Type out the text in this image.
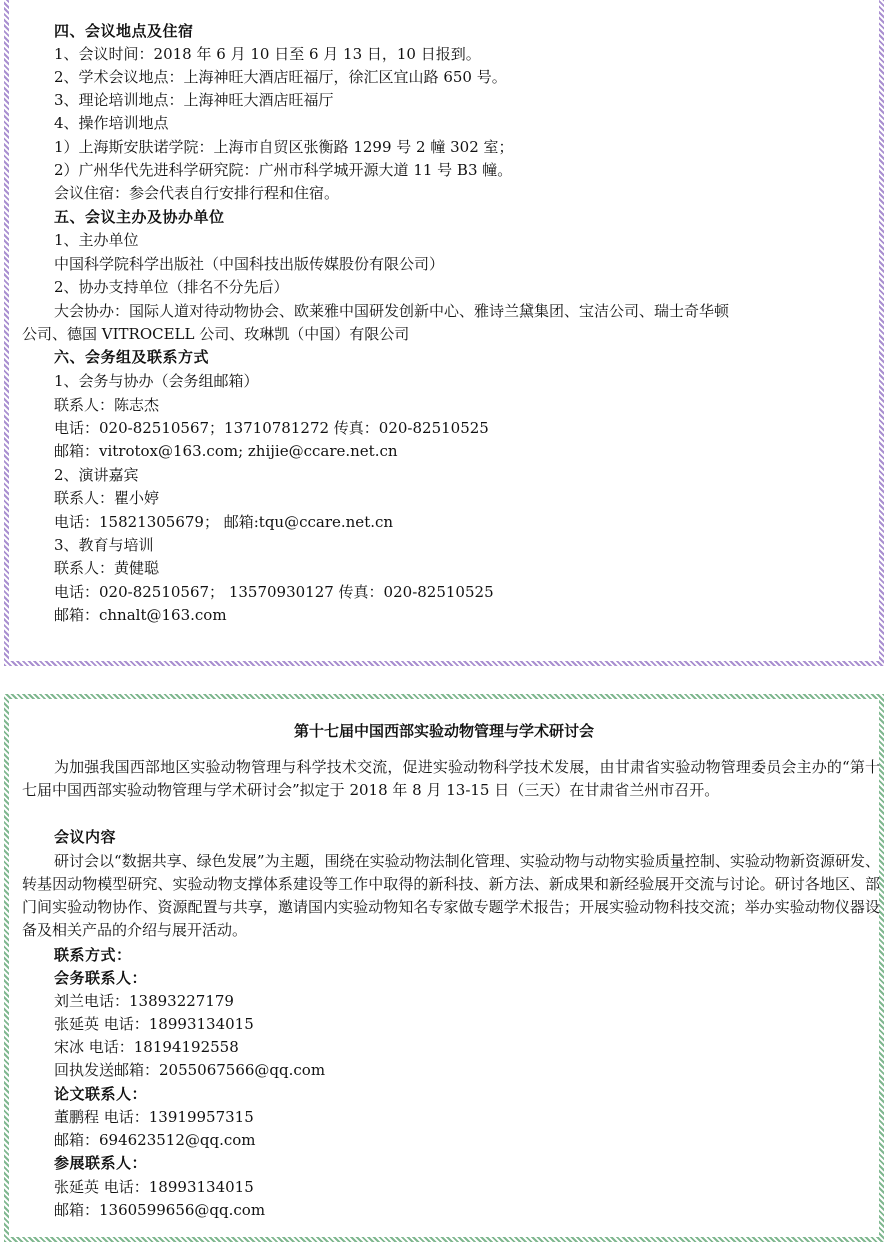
四、会议地点及住宿
1、会议时间：2018 年 6 月 10 日至 6 月 13 日，10 日报到。
2、学术会议地点：上海神旺大酒店旺福厅，徐汇区宜山路 650 号。
3、理论培训地点：上海神旺大酒店旺福厅
4、操作培训地点
1）上海斯安肤诺学院：上海市自贸区张衡路 1299 号 2 幢 302 室；
2）广州华代先进科学研究院：广州市科学城开源大道 11 号 B3 幢。
会议住宿：参会代表自行安排行程和住宿。
五、会议主办及协办单位
1、主办单位
中国科学院科学出版社（中国科技出版传媒股份有限公司）
2、协办支持单位（排名不分先后）
大会协办：国际人道对待动物协会、欧莱雅中国研发创新中心、雅诗兰黛集团、宝洁公司、瑞士奇华顿
公司、德国 VITROCELL 公司、玫琳凯（中国）有限公司
六、会务组及联系方式
1、会务与协办（会务组邮箱）
联系人：陈志杰
电话：020-82510567；13710781272 传真：020-82510525
邮箱：vitrotox@163.com; zhijie@ccare.net.cn
2、演讲嘉宾
联系人：瞿小婷
电话：15821305679； 邮箱:tqu@ccare.net.cn
3、教育与培训
联系人：黄健聪
电话：020-82510567； 13570930127 传真：020-82510525
邮箱：chnalt@163.com
第十七届中国西部实验动物管理与学术研讨会
为加强我国西部地区实验动物管理与科学技术交流，促进实验动物科学技术发展，由甘肃省实验动物管理委员会主办的“第十七届中国西部实验动物管理与学术研讨会”拟定于 2018 年 8 月 13-15 日（三天）在甘肃省兰州市召开。
会议内容
研讨会以“数据共享、绿色发展”为主题，围绕在实验动物法制化管理、实验动物与动物实验质量控制、实验动物新资源研发、转基因动物模型研究、实验动物支撑体系建设等工作中取得的新科技、新方法、新成果和新经验展开交流与讨论。研讨各地区、部门间实验动物协作、资源配置与共享，邀请国内实验动物知名专家做专题学术报告；开展实验动物科技交流；举办实验动物仪器设备及相关产品的介绍与展开活动。
联系方式：
会务联系人：
刘兰电话：13893227179
张延英 电话：18993134015
宋冰 电话：18194192558
回执发送邮箱：2055067566@qq.com
论文联系人：
董鹏程 电话：13919957315
邮箱：694623512@qq.com
参展联系人：
张延英 电话：18993134015
邮箱：1360599656@qq.com
